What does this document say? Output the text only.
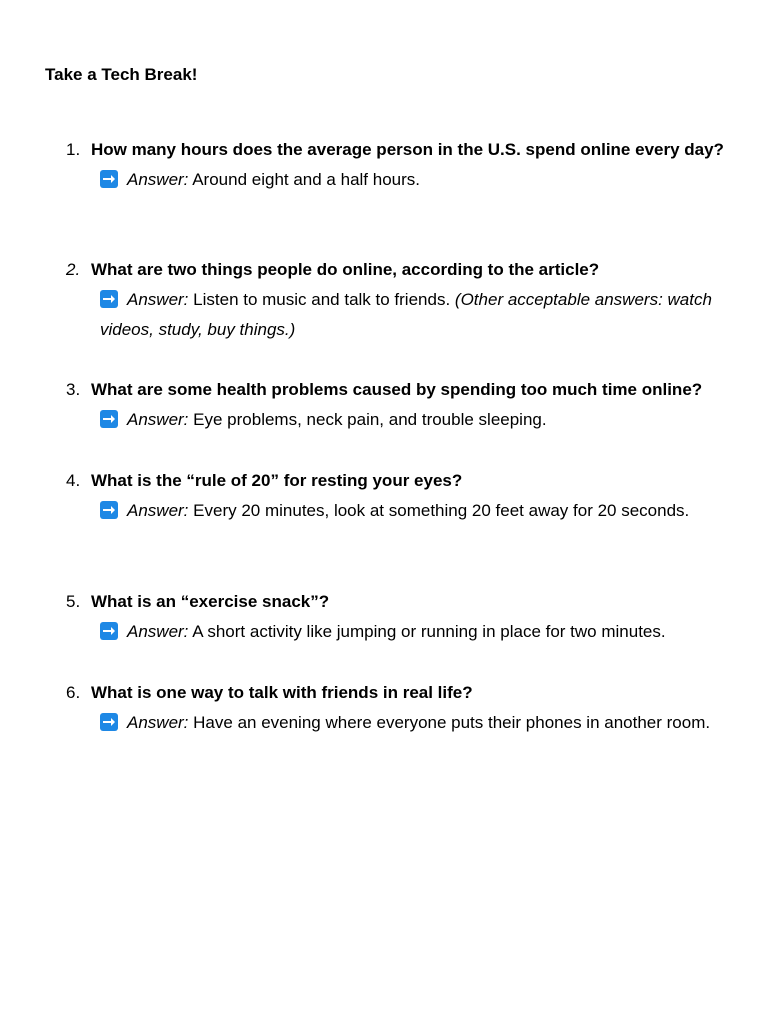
Take a Tech Break!
1. How many hours does the average person in the U.S. spend online every day?

Answer: Around eight and a half hours.

2. What are two things people do online, according to the article?

Answer: Listen to music and talk to friends. (Other acceptable answers: watch videos, study, buy things.)

3. What are some health problems caused by spending too much time online?

Answer: Eye problems, neck pain, and trouble sleeping.

4. What is the “rule of 20” for resting your eyes?

Answer: Every 20 minutes, look at something 20 feet away for 20 seconds.

5. What is an “exercise snack”?

Answer: A short activity like jumping or running in place for two minutes.

6. What is one way to talk with friends in real life?

Answer: Have an evening where everyone puts their phones in another room.
